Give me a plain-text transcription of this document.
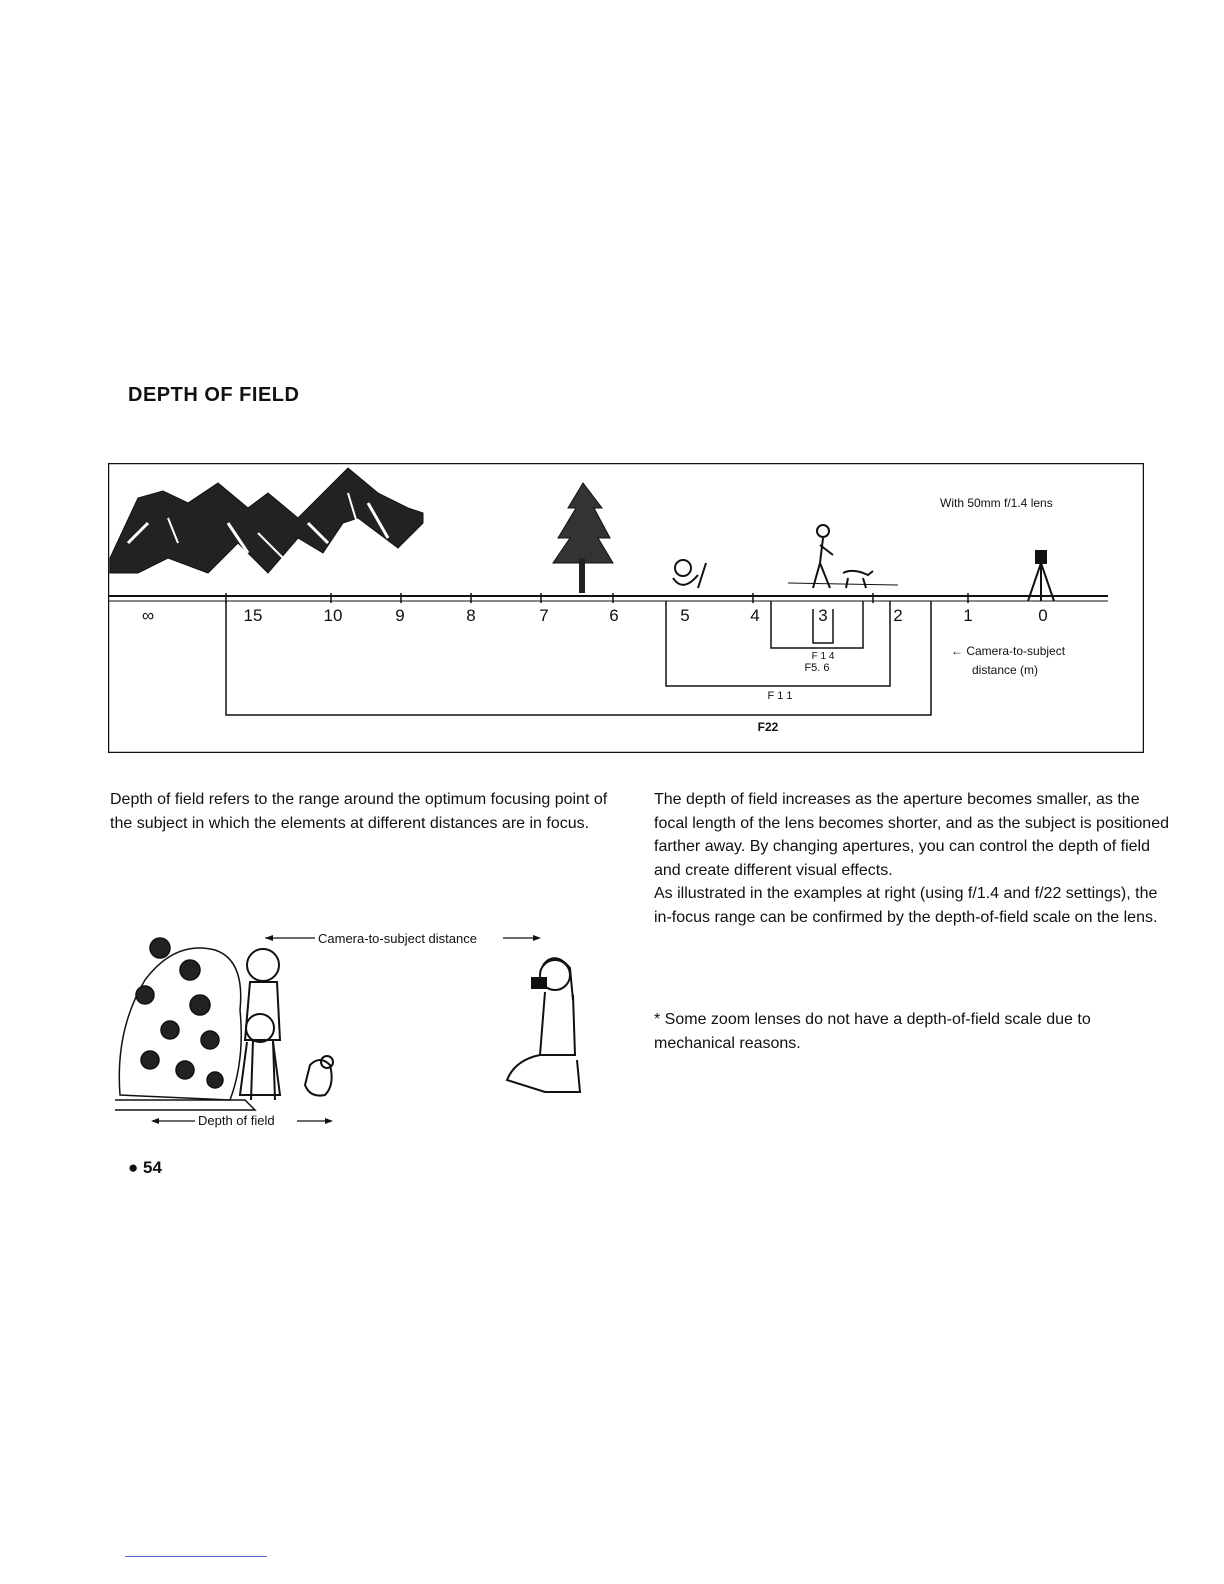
DEPTH OF FIELD
∞	15	10	9	8	7	6	5	4	3	2	1	0
F 1 4
F5. 6
F 1 1
F22
With 50mm f/1.4 lens
← Camera-to-subject
distance (m)
Depth of field refers to the range around the optimum focusing point of the subject in which the elements at different distances are in focus.

The depth of field increases as the aperture becomes smaller, as the focal length of the lens becomes shorter, and as the subject is positioned farther away. By changing apertures, you can control the depth of field and create different visual effects.

As illustrated in the examples at right (using f/1.4 and f/22 settings), the in-focus range can be confirmed by the depth-of-field scale on the lens.

* Some zoom lenses do not have a depth-of-field scale due to mechanical reasons.
Camera-to-subject distance
Depth of field
● 54
